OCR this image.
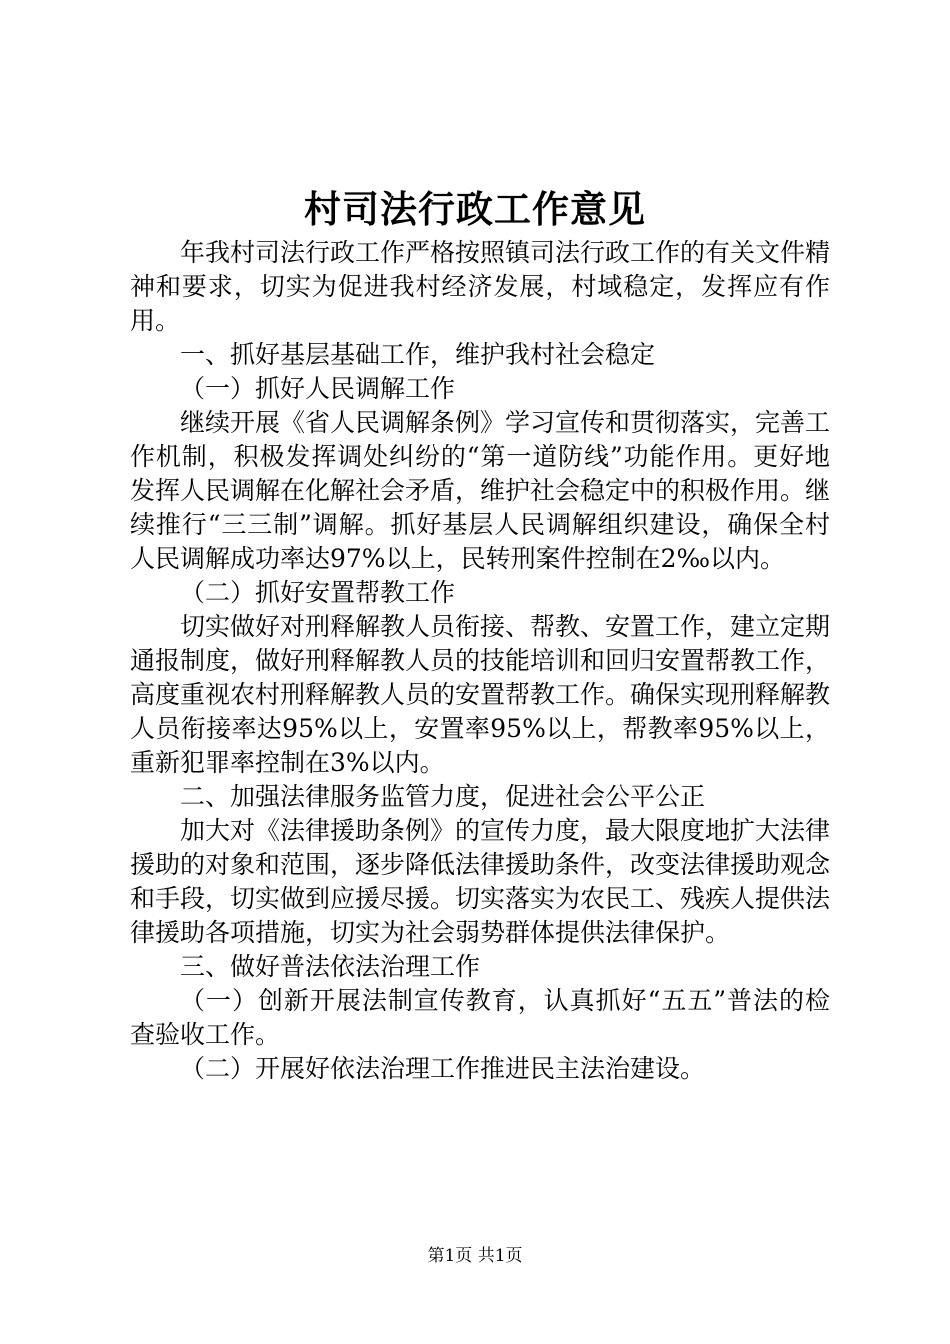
村司法行政工作意见

年我村司法行政工作严格按照镇司法行政工作的有关文件精神和要求，切实为促进我村经济发展，村域稳定，发挥应有作用。

一、抓好基层基础工作，维护我村社会稳定

（一）抓好人民调解工作

继续开展《省人民调解条例》学习宣传和贯彻落实，完善工作机制，积极发挥调处纠纷的“第一道防线”功能作用。更好地发挥人民调解在化解社会矛盾，维护社会稳定中的积极作用。继续推行“三三制”调解。抓好基层人民调解组织建设，确保全村人民调解成功率达97%以上，民转刑案件控制在2‰以内。

（二）抓好安置帮教工作

切实做好对刑释解教人员衔接、帮教、安置工作，建立定期通报制度，做好刑释解教人员的技能培训和回归安置帮教工作，高度重视农村刑释解教人员的安置帮教工作。确保实现刑释解教人员衔接率达95%以上，安置率95%以上，帮教率95%以上，重新犯罪率控制在3%以内。

二、加强法律服务监管力度，促进社会公平公正

加大对《法律援助条例》的宣传力度，最大限度地扩大法律援助的对象和范围，逐步降低法律援助条件，改变法律援助观念和手段，切实做到应援尽援。切实落实为农民工、残疾人提供法律援助各项措施，切实为社会弱势群体提供法律保护。

三、做好普法依法治理工作

（一）创新开展法制宣传教育，认真抓好“五五”普法的检查验收工作。

（二）开展好依法治理工作推进民主法治建设。

第1页 共1页
